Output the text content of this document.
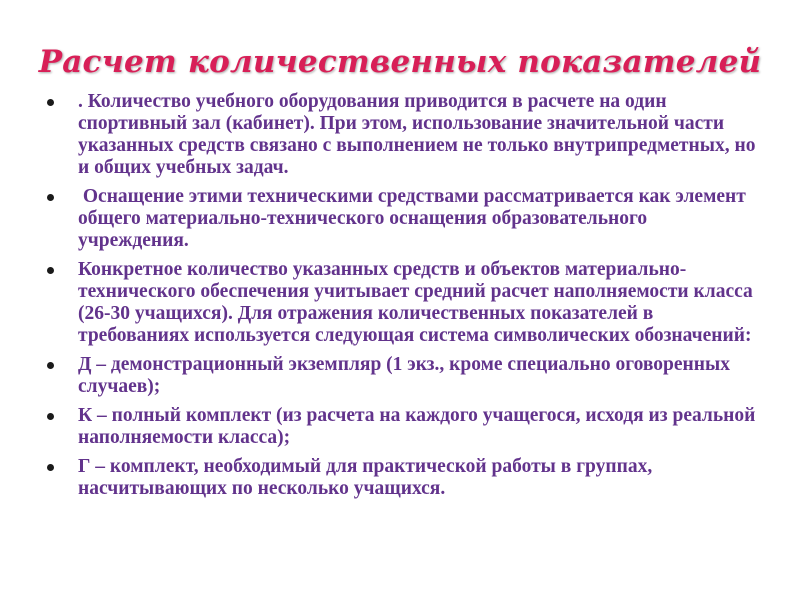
Расчет количественных показателей
. Количество учебного оборудования приводится в расчете на один спортивный зал (кабинет). При этом, использование значительной части указанных средств связано с выполнением не только внутрипредметных, но и общих учебных задач.
Оснащение этими техническими средствами рассматривается как элемент общего материально-технического оснащения образовательного учреждения.
Конкретное количество указанных средств и объектов материально-технического обеспечения учитывает средний расчет наполняемости класса (26-30 учащихся). Для отражения количественных показателей в требованиях используется следующая система символических обозначений:
Д – демонстрационный экземпляр (1 экз., кроме специально оговоренных случаев);
К – полный комплект (из расчета на каждого учащегося, исходя из реальной наполняемости класса);
Г – комплект, необходимый для практической работы в группах,  насчитывающих по несколько учащихся.
